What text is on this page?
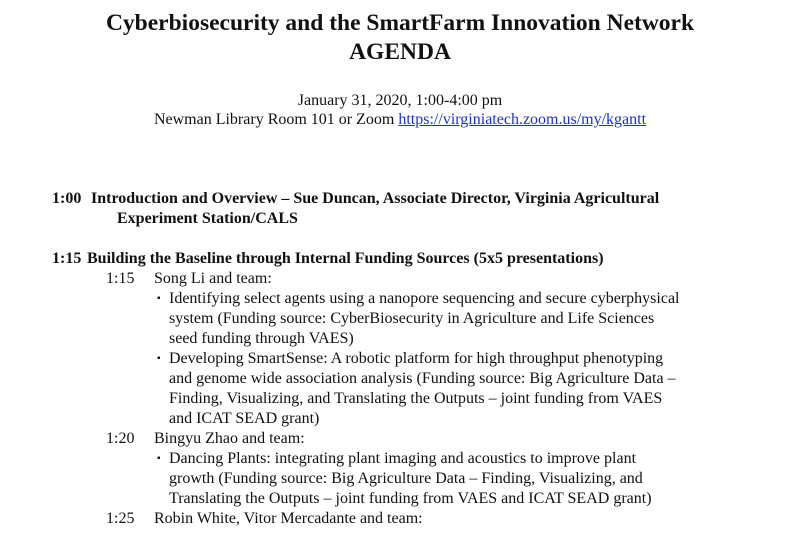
Cyberbiosecurity and the SmartFarm Innovation Network
AGENDA
January 31, 2020, 1:00-4:00 pm
Newman Library Room 101 or Zoom https://virginiatech.zoom.us/my/kgantt
1:00 Introduction and Overview – Sue Duncan, Associate Director, Virginia Agricultural
Experiment Station/CALS
1:15 Building the Baseline through Internal Funding Sources (5x5 presentations)
1:15 Song Li and team:
▪ Identifying select agents using a nanopore sequencing and secure cyberphysical
system (Funding source: CyberBiosecurity in Agriculture and Life Sciences
seed funding through VAES)
▪ Developing SmartSense: A robotic platform for high throughput phenotyping
and genome wide association analysis (Funding source: Big Agriculture Data –
Finding, Visualizing, and Translating the Outputs – joint funding from VAES
and ICAT SEAD grant)
1:20 Bingyu Zhao and team:
▪ Dancing Plants: integrating plant imaging and acoustics to improve plant
growth (Funding source: Big Agriculture Data – Finding, Visualizing, and
Translating the Outputs – joint funding from VAES and ICAT SEAD grant)
1:25 Robin White, Vitor Mercadante and team:
